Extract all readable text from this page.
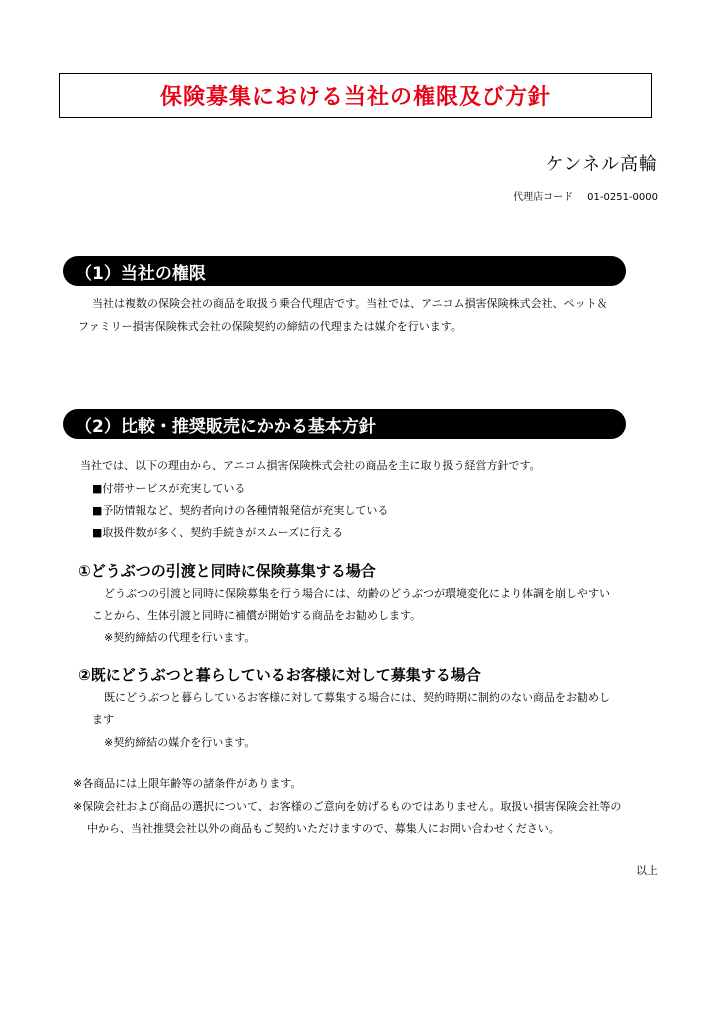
保険募集における当社の権限及び方針
ケンネル高輪
代理店コード 01-0251-0000
（1）当社の権限
当社は複数の保険会社の商品を取扱う乗合代理店です。当社では、アニコム損害保険株式会社、ペット＆
ファミリー損害保険株式会社の保険契約の締結の代理または媒介を行います。
（2）比較・推奨販売にかかる基本方針
当社では、以下の理由から、アニコム損害保険株式会社の商品を主に取り扱う経営方針です。
■付帯サービスが充実している
■予防情報など、契約者向けの各種情報発信が充実している
■取扱件数が多く、契約手続きがスムーズに行える
①どうぶつの引渡と同時に保険募集する場合
どうぶつの引渡と同時に保険募集を行う場合には、幼齢のどうぶつが環境変化により体調を崩しやすい
ことから、生体引渡と同時に補償が開始する商品をお勧めします。
※契約締結の代理を行います。
②既にどうぶつと暮らしているお客様に対して募集する場合
既にどうぶつと暮らしているお客様に対して募集する場合には、契約時期に制約のない商品をお勧めし
ます
※契約締結の媒介を行います。
※各商品には上限年齢等の諸条件があります。
※保険会社および商品の選択について、お客様のご意向を妨げるものではありません。取扱い損害保険会社等の
中から、当社推奨会社以外の商品もご契約いただけますので、募集人にお問い合わせください。
以上
